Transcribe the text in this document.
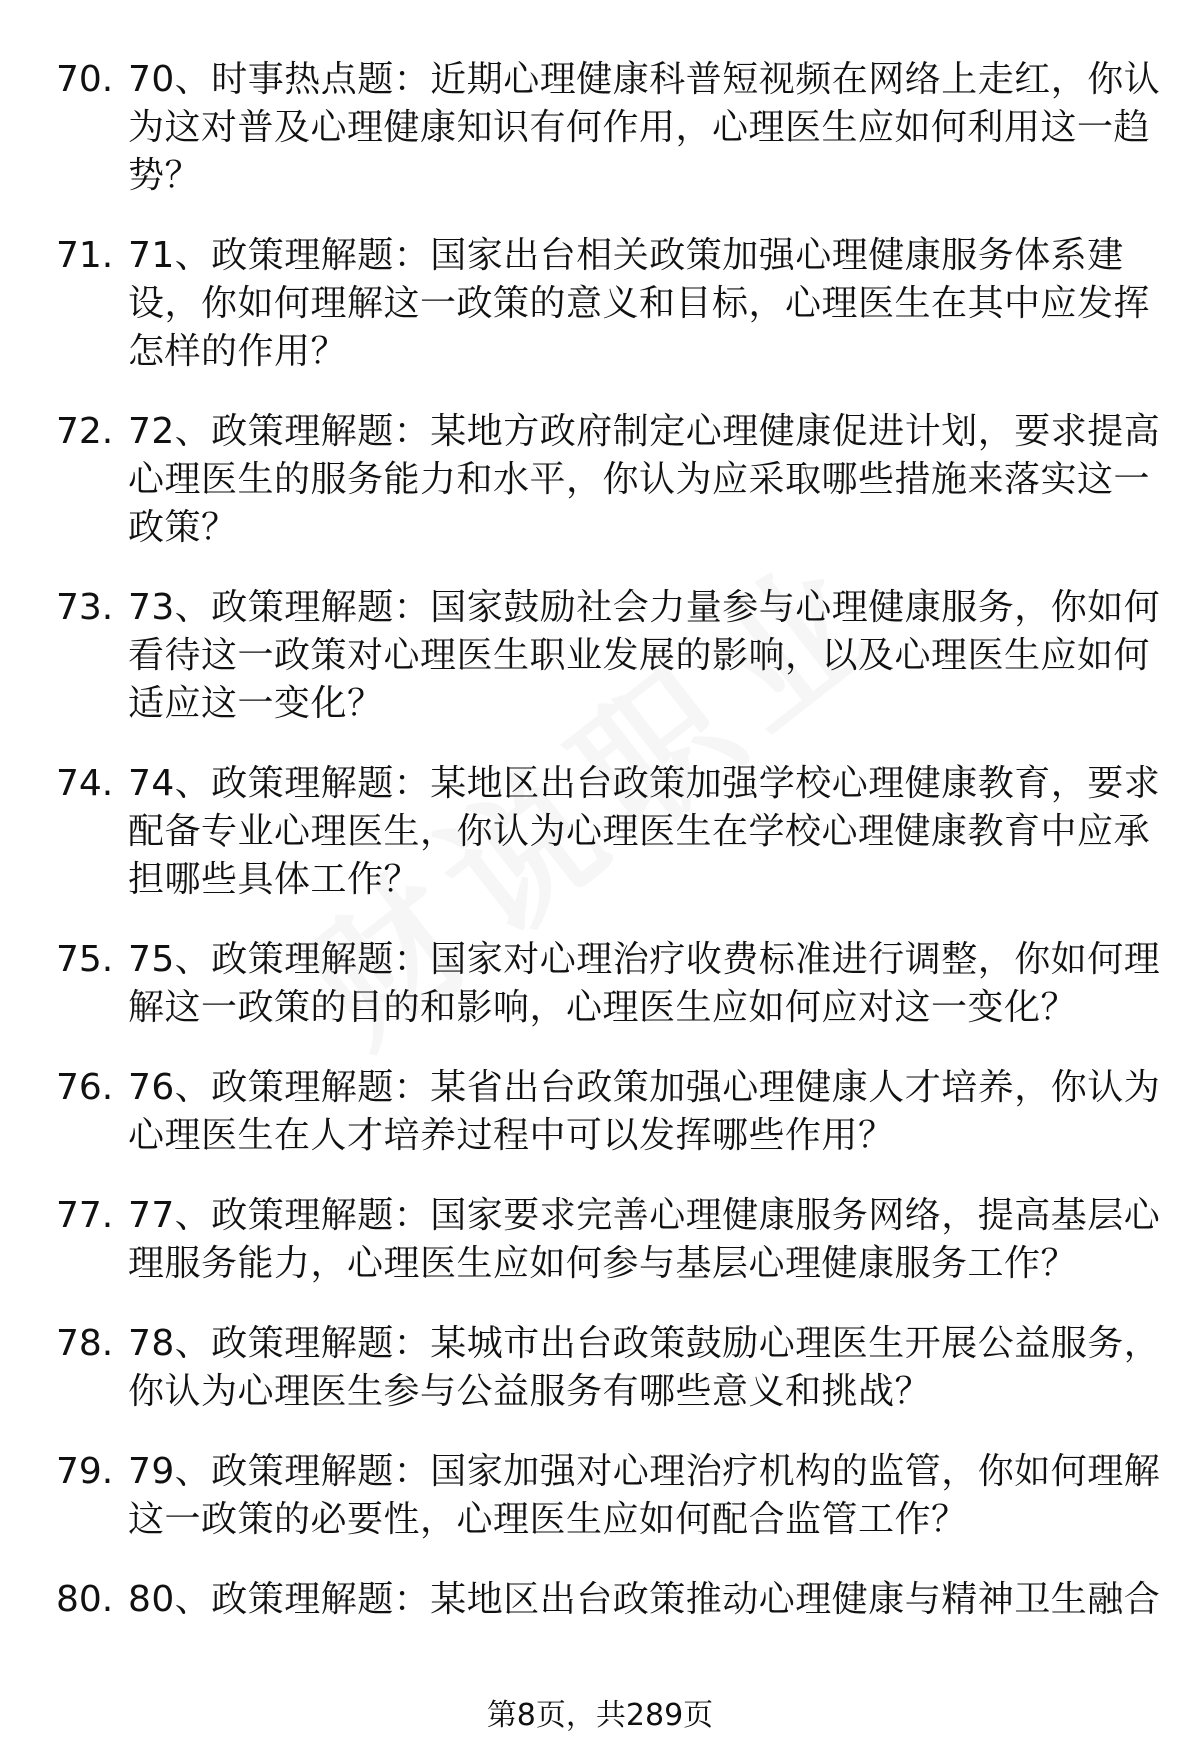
70. 70、时事热点题：近期心理健康科普短视频在网络上走红，你认
为这对普及心理健康知识有何作用，心理医生应如何利用这一趋
势？
71. 71、政策理解题：国家出台相关政策加强心理健康服务体系建
设，你如何理解这一政策的意义和目标，心理医生在其中应发挥
怎样的作用？
72. 72、政策理解题：某地方政府制定心理健康促进计划，要求提高
心理医生的服务能力和水平，你认为应采取哪些措施来落实这一
政策？
73. 73、政策理解题：国家鼓励社会力量参与心理健康服务，你如何
看待这一政策对心理医生职业发展的影响，以及心理医生应如何
适应这一变化？
74. 74、政策理解题：某地区出台政策加强学校心理健康教育，要求
配备专业心理医生，你认为心理医生在学校心理健康教育中应承
担哪些具体工作？
75. 75、政策理解题：国家对心理治疗收费标准进行调整，你如何理
解这一政策的目的和影响，心理医生应如何应对这一变化？
76. 76、政策理解题：某省出台政策加强心理健康人才培养，你认为
心理医生在人才培养过程中可以发挥哪些作用？
77. 77、政策理解题：国家要求完善心理健康服务网络，提高基层心
理服务能力，心理医生应如何参与基层心理健康服务工作？
78. 78、政策理解题：某城市出台政策鼓励心理医生开展公益服务，
你认为心理医生参与公益服务有哪些意义和挑战？
79. 79、政策理解题：国家加强对心理治疗机构的监管，你如何理解
这一政策的必要性，心理医生应如何配合监管工作？
80. 80、政策理解题：某地区出台政策推动心理健康与精神卫生融合
第8页，共289页
